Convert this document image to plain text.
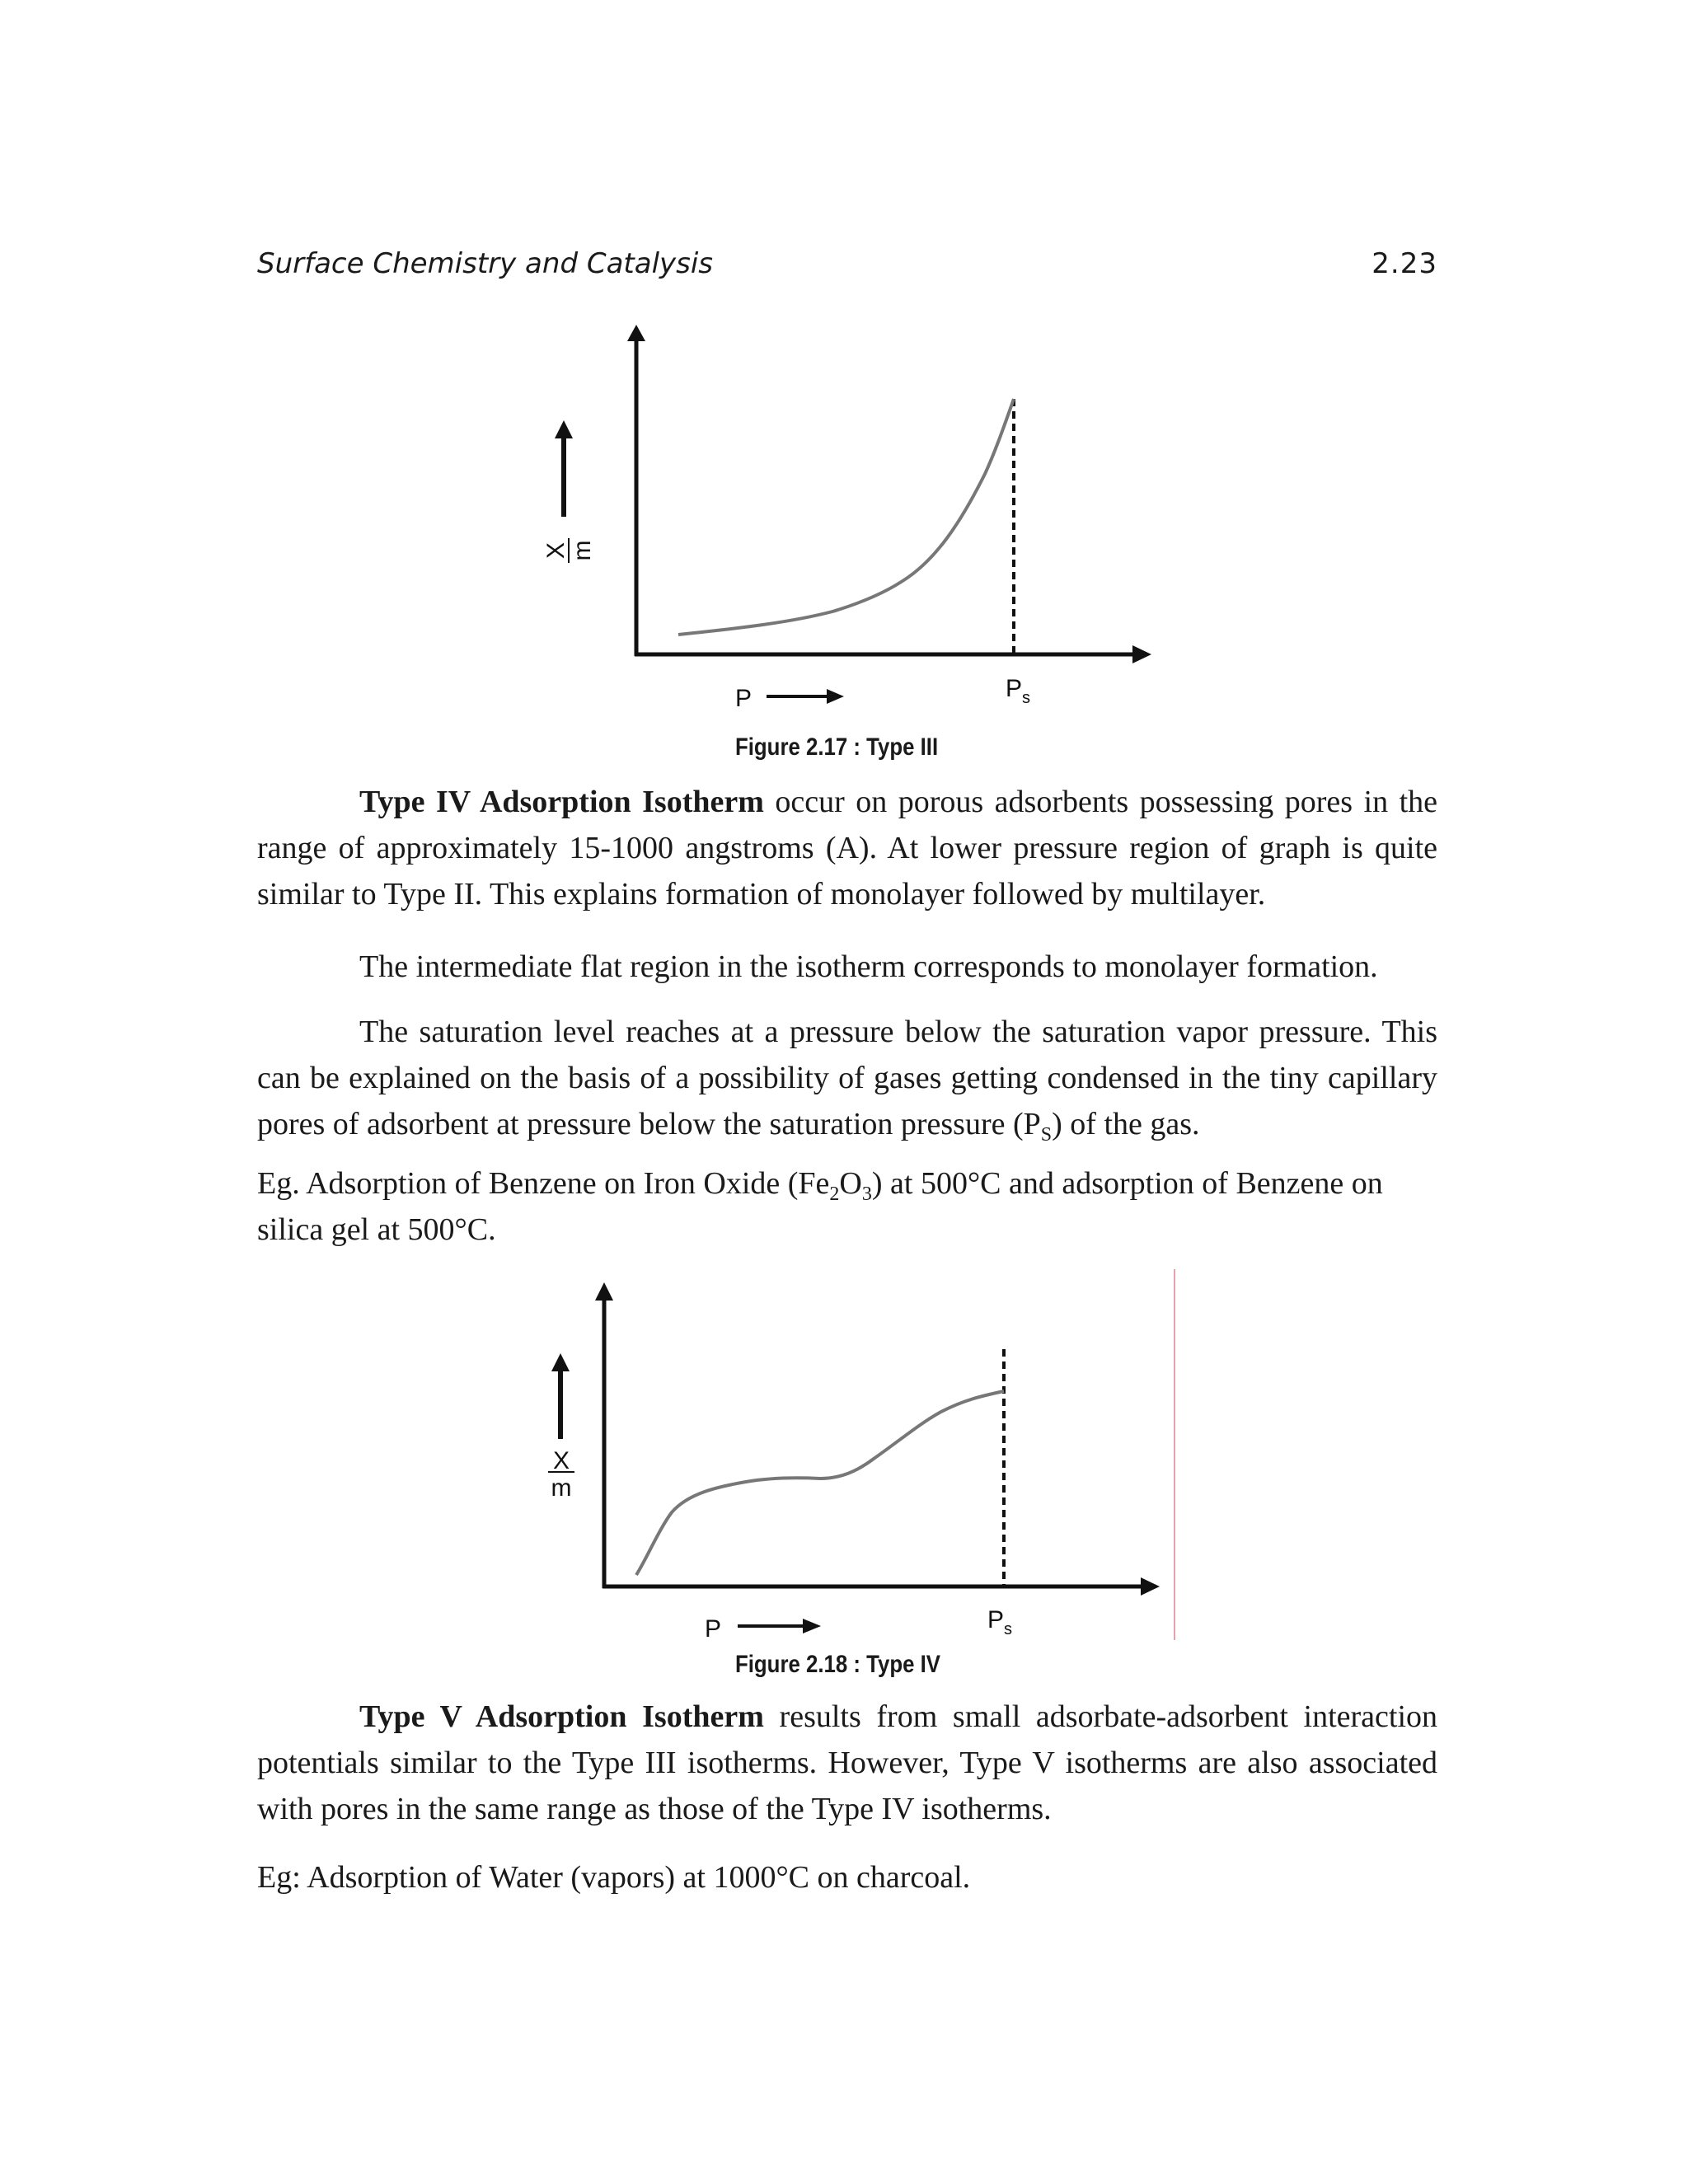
Surface Chemistry and Catalysis	2.23
X m
P	$P_s$
Figure 2.17 : Type III

Type IV Adsorption Isotherm occur on porous adsorbents possessing pores in the range of approximately 15-1000 angstroms (A). At lower pressure region of graph is quite similar to Type II. This explains formation of monolayer followed by multilayer.

The intermediate flat region in the isotherm corresponds to monolayer formation.

The saturation level reaches at a pressure below the saturation vapor pressure. This can be explained on the basis of a possibility of gases getting condensed in the tiny capillary pores of adsorbent at pressure below the saturation pressure $(P_S)$ of the gas.

Eg. Adsorption of Benzene on Iron Oxide $(Fe_2O_3)$ at 500°C and adsorption of Benzene on silica gel at 500°C.

X
m
P	$P_s$
Figure 2.18 : Type IV

Type V Adsorption Isotherm results from small adsorbate-adsorbent interaction potentials similar to the Type III isotherms. However, Type V isotherms are also associated with pores in the same range as those of the Type IV isotherms.

Eg: Adsorption of Water (vapors) at 1000°C on charcoal.
